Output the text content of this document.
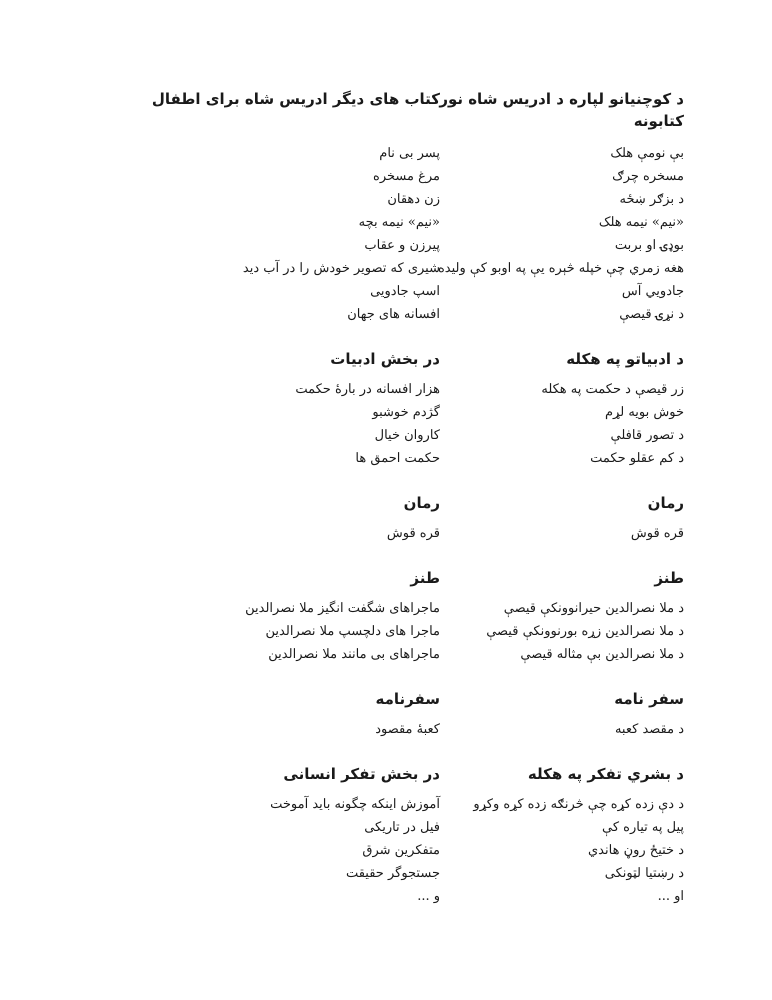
د کوچنیانو لپاره د ادریس شاه نور کتابونه
بې نومې هلک
مسخره چرګ
د بزګر ښځه
«نیم» نیمه هلک
بوډۍ او بربت
هغه زمري چې خپله څېره يې په اوبو کې ولیده
جادويي آس
د نړۍ قيصې
د ادبیاتو په هکله
زر قيصې د حکمت په هکله
خوش بويه لړم
د تصور قافلې
د کم عقلو حکمت
رمان
قره قوش
طنز
د ملا نصرالدين حيرانوونکې قيصې
د ملا نصرالدين زړه بورنوونکې قيصې
د ملا نصرالدين بې مثاله قيصې
سفر نامه
د مقصد کعبه
د بشري تفکر په هکله
د دې زده کړه چې څرنګه زده کړه وکړو
پيل په تياره کې
د ختيځ روڼ هاندي
د رښتيا لټونکی
او ...
کتاب های دیگر ادریس شاه برای اطفال
پسر بی نام
مرغ مسخره
زن دهقان
«نیم» نیمه بچه
پیرزن و عقاب
شیری که تصویر خودش را در آب دید
اسپ جادویی
افسانه های جهان
در بخش ادبیات
هزار افسانه در بارهٔ حکمت
گژدم خوشبو
کاروان خیال
حکمت احمق ها
رمان
قره قوش
طنز
ماجراهای شگفت انگیز ملا نصرالدین
ماجرا های دلچسپ ملا نصرالدین
ماجراهای بی مانند ملا نصرالدین
سفرنامه
کعبهٔ مقصود
در بخش تفکر انسانی
آموزش اینکه چگونه باید آموخت
فیل در تاریکی
متفکرین شرق
جستجوگر حقیقت
و ...
